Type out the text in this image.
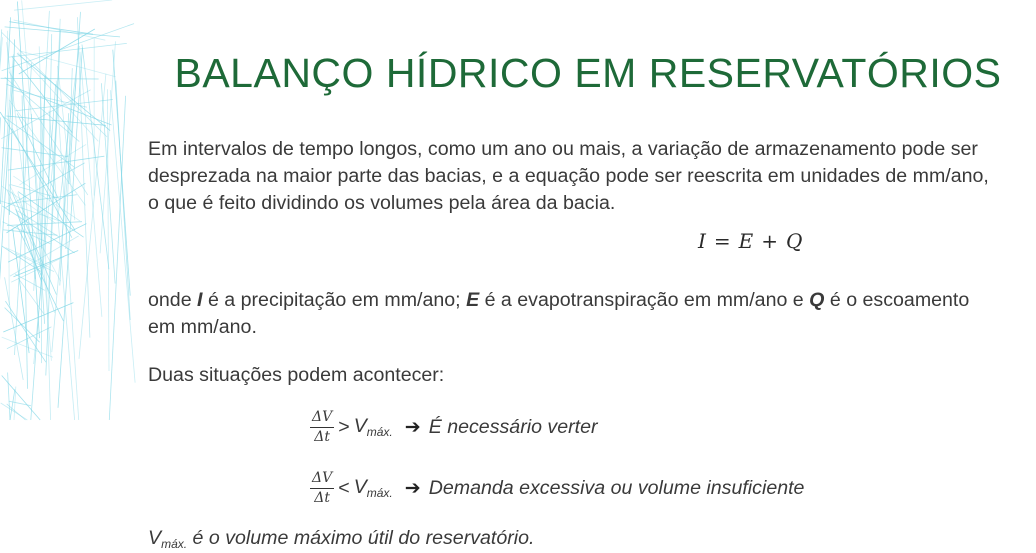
BALANÇO HÍDRICO EM RESERVATÓRIOS
Em intervalos de tempo longos, como um ano ou mais, a variação de armazenamento pode ser
desprezada na maior parte das bacias, e a equação pode ser reescrita em unidades de mm/ano,
o que é feito dividindo os volumes pela área da bacia.
I = E + Q
onde I é a precipitação em mm/ano; E é a evapotranspiração em mm/ano e Q é o escoamento
em mm/ano.
Duas situações podem acontecer:
$\frac{\Delta V}{\Delta t} > V_{máx.}$ ➔ É necessário verter
$\frac{\Delta V}{\Delta t} < V_{máx.}$ ➔ Demanda excessiva ou volume insuficiente
$V_{máx.}$ é o volume máximo útil do reservatório.
